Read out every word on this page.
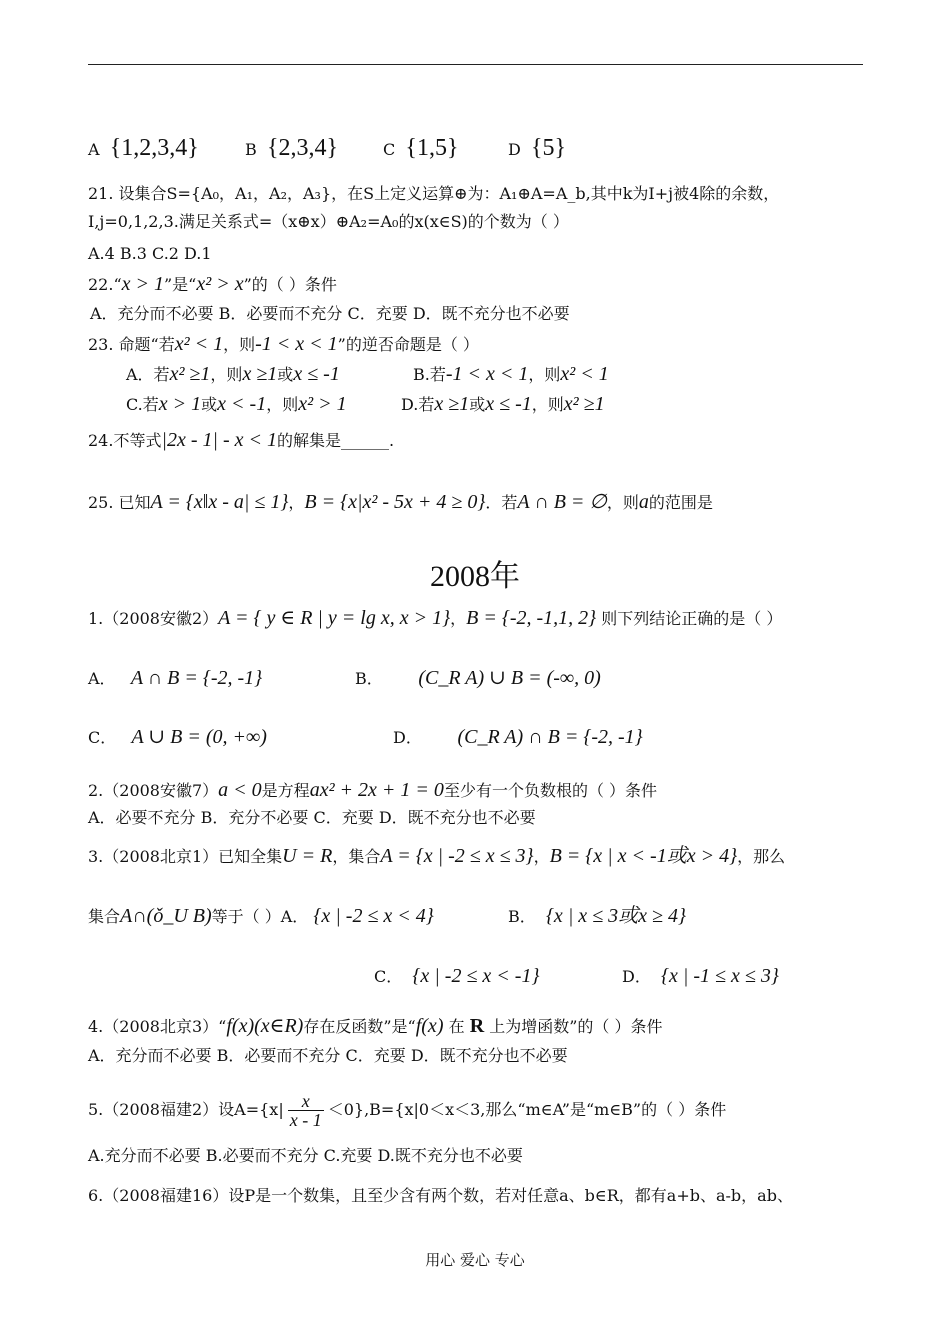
A {1,2,3,4}	B {2,3,4}	C {1,5}	D {5}
21. 设集合S={A₀，A₁，A₂，A₃}，在S上定义运算⊕为：A₁⊕A=A_b,其中k为I+j被4除的余数，
I,j=0,1,2,3.满足关系式=（x⊕x）⊕A₂=A₀的x(x∈S)的个数为（ ）
A.4 B.3 C.2 D.1
22.“x > 1”是“x² > x”的（ ）条件
A．充分而不必要 B．必要而不充分 C．充要 D．既不充分也不必要
23. 命题“若x² < 1，则-1 < x < 1”的逆否命题是（ ）
A．若x² ≥1，则x ≥1或x ≤ -1	B.若-1 < x < 1，则x² < 1
C.若x > 1或x < -1，则x² > 1	D.若x ≥1或x ≤ -1，则x² ≥1
24.不等式|2x - 1| - x < 1的解集是______.
25. 已知A = {x‖x - a| ≤ 1}，B = {x|x² - 5x + 4 ≥ 0}．若A ∩ B = ∅，则a的范围是
2008年
1.（2008安徽2）A = { y ∈ R | y = lg x, x > 1}，B = {-2, -1,1, 2} 则下列结论正确的是（ ）
A． A ∩ B = {-2, -1}	B． (C_R A) ∪ B = (-∞, 0)
C． A ∪ B = (0, +∞)	D． (C_R A) ∩ B = {-2, -1}
2.（2008安徽7）a < 0是方程ax² + 2x + 1 = 0至少有一个负数根的（ ）条件
A．必要不充分 B．充分不必要 C．充要 D．既不充分也不必要
3.（2008北京1）已知全集U = R，集合A = {x | -2 ≤ x ≤ 3}，B = {x | x < -1或x > 4}，那么
集合A∩(ǒ_U B)等于（ ）A． {x | -2 ≤ x < 4}	B． {x | x ≤ 3或x ≥ 4}
C． {x | -2 ≤ x < -1}	D． {x | -1 ≤ x ≤ 3}
4.（2008北京3）“f(x)(x∈R)存在反函数”是“f(x) 在 R 上为增函数”的（ ）条件
A．充分而不必要 B．必要而不充分 C．充要 D．既不充分也不必要
5.（2008福建2）设$A=\{x| \frac{x}{x - 1} <0\},B=\{x|0<x<3$,那么“m∈A”是“m∈B”的（ ）条件
A.充分而不必要 B.必要而不充分 C.充要 D.既不充分也不必要
6.（2008福建16）设P是一个数集，且至少含有两个数，若对任意a、b∈R，都有a+b、a-b，ab、
用心 爱心 专心
